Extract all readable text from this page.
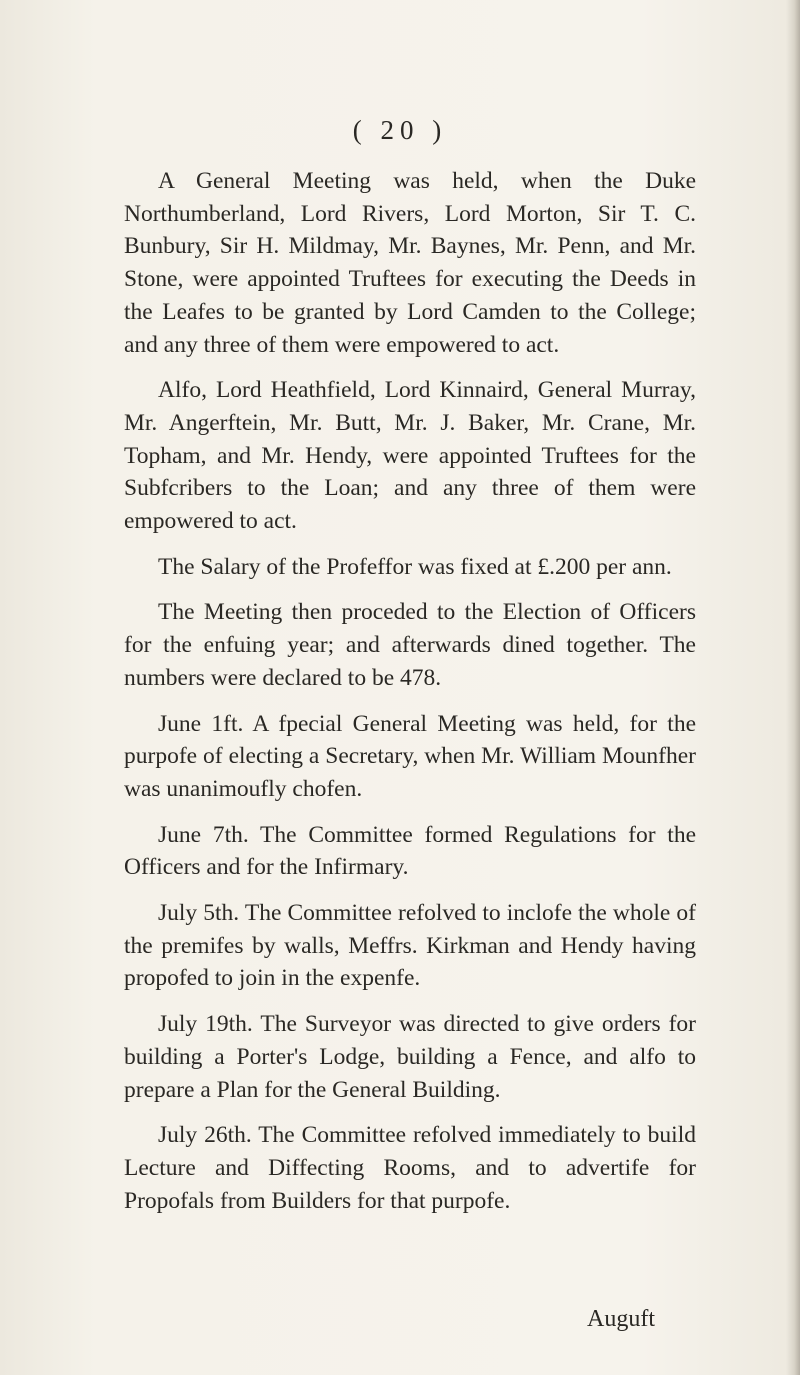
( 20 )

A General Meeting was held, when the Duke Northumberland, Lord Rivers, Lord Morton, Sir T. C. Bunbury, Sir H. Mildmay, Mr. Baynes, Mr. Penn, and Mr. Stone, were appointed Truftees for executing the Deeds in the Leafes to be granted by Lord Camden to the College; and any three of them were empowered to act.

Alfo, Lord Heathfield, Lord Kinnaird, General Murray, Mr. Angerftein, Mr. Butt, Mr. J. Baker, Mr. Crane, Mr. Topham, and Mr. Hendy, were appointed Truftees for the Subfcribers to the Loan; and any three of them were empowered to act.

The Salary of the Profeffor was fixed at £.200 per ann.

The Meeting then proceded to the Election of Officers for the enfuing year; and afterwards dined together. The numbers were declared to be 478.

June 1ft. A fpecial General Meeting was held, for the purpofe of electing a Secretary, when Mr. William Mounfher was unanimoufly chofen.

June 7th. The Committee formed Regulations for the Officers and for the Infirmary.

July 5th. The Committee refolved to inclofe the whole of the premifes by walls, Meffrs. Kirkman and Hendy having propofed to join in the expenfe.

July 19th. The Surveyor was directed to give orders for building a Porter's Lodge, building a Fence, and alfo to prepare a Plan for the General Building.

July 26th. The Committee refolved immediately to build Lecture and Diffecting Rooms, and to advertife for Propofals from Builders for that purpofe.

Auguft
